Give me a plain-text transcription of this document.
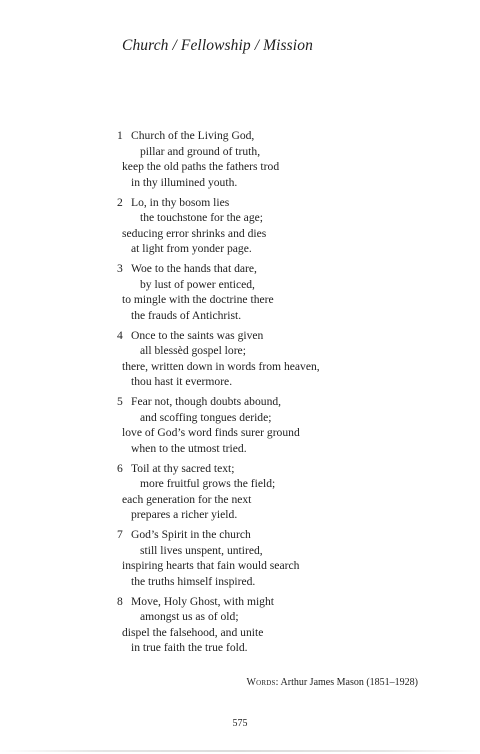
Church / Fellowship / Mission
1 Church of the Living God,
pillar and ground of truth,
keep the old paths the fathers trod
in thy illumined youth.
2 Lo, in thy bosom lies
the touchstone for the age;
seducing error shrinks and dies
at light from yonder page.
3 Woe to the hands that dare,
by lust of power enticed,
to mingle with the doctrine there
the frauds of Antichrist.
4 Once to the saints was given
all blessèd gospel lore;
there, written down in words from heaven,
thou hast it evermore.
5 Fear not, though doubts abound,
and scoffing tongues deride;
love of God’s word finds surer ground
when to the utmost tried.
6 Toil at thy sacred text;
more fruitful grows the field;
each generation for the next
prepares a richer yield.
7 God’s Spirit in the church
still lives unspent, untired,
inspiring hearts that fain would search
the truths himself inspired.
8 Move, Holy Ghost, with might
amongst us as of old;
dispel the falsehood, and unite
in true faith the true fold.
Words: Arthur James Mason (1851–1928)
575
